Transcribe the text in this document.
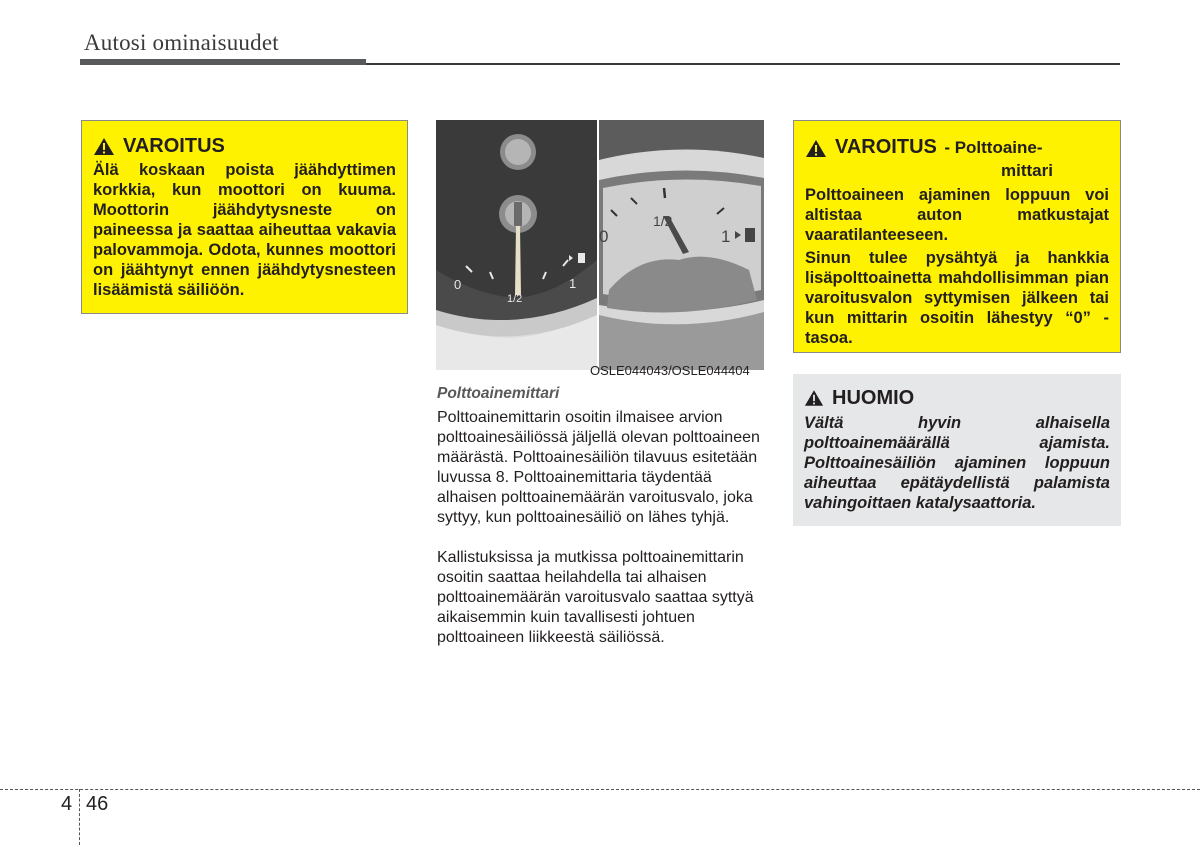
Autosi ominaisuudet
VAROITUS
Älä koskaan poista jäähdyttimen korkkia, kun moottori on kuuma. Moottorin jäähdytysneste on paineessa ja saattaa aiheuttaa vakavia palovammoja. Odota, kunnes moottori on jäähtynyt ennen jäähdytysnesteen lisäämistä säiliöön.	0
1/2
1
0
1/2
1
OSLE044043/OSLE044404
Polttoainemittari
Polttoainemittarin osoitin ilmaisee arvion polttoainesäiliössä jäljellä olevan polttoaineen määrästä. Polttoainesäiliön tilavuus esitetään luvussa 8. Polttoainemittaria täydentää alhaisen polttoainemäärän varoitusvalo, joka syttyy, kun polttoainesäiliö on lähes tyhjä.
Kallistuksissa ja mutkissa polttoainemittarin osoitin saattaa heilahdella tai alhaisen polttoainemäärän varoitusvalo saattaa syttyä aikaisemmin kuin tavallisesti johtuen polttoaineen liikkeestä säiliössä.
VAROITUS - Polttoaine-
mittari
Polttoaineen ajaminen loppuun voi altistaa auton matkustajat vaaratilanteeseen.
Sinun tulee pysähtyä ja hankkia lisäpolttoainetta mahdollisimman pian varoitusvalon syttymisen jälkeen tai kun mittarin osoitin lähestyy “0” -tasoa.
HUOMIO
Vältä hyvin alhaisella polttoainemäärällä ajamista. Polttoainesäiliön ajaminen loppuun aiheuttaa epätäydellistä palamista vahingoittaen katalysaattoria.
4 46
